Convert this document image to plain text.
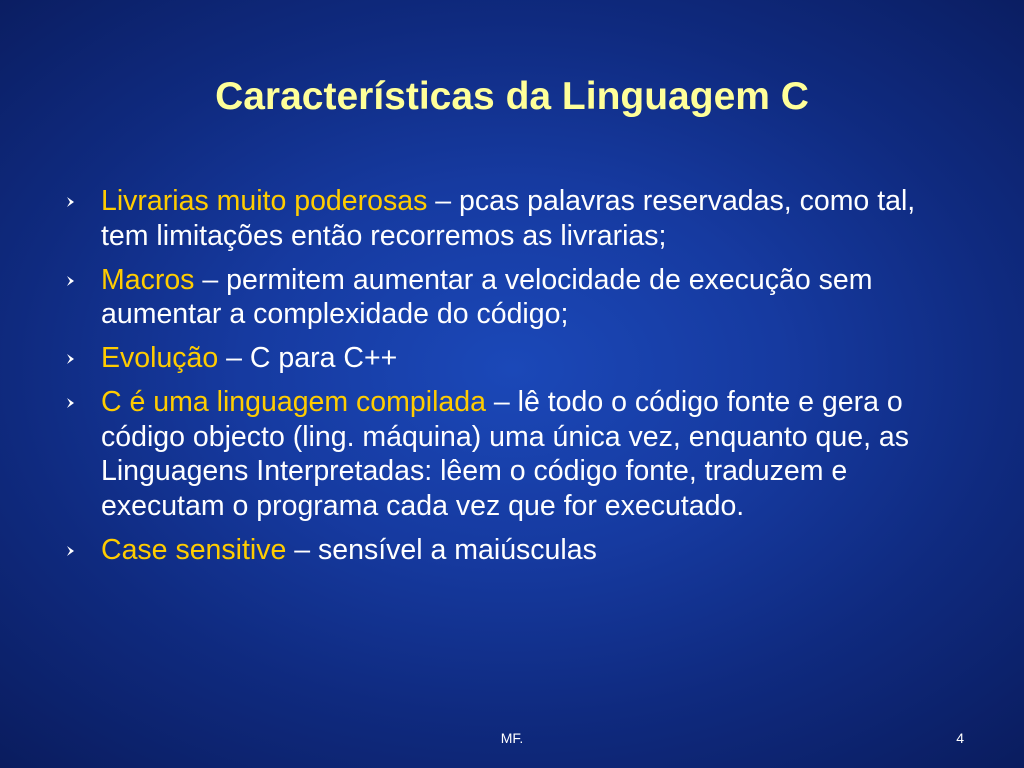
Características da Linguagem C
Livrarias muito poderosas – pcas palavras reservadas, como tal, tem limitações então recorremos as livrarias;
Macros – permitem aumentar a velocidade de execução sem aumentar a complexidade do código;
Evolução – C para C++
C é uma linguagem compilada – lê todo o código fonte e gera o código objecto (ling. máquina) uma única vez, enquanto que, as Linguagens Interpretadas: lêem o código fonte, traduzem e executam o programa cada vez que for executado.
Case sensitive – sensível a maiúsculas
MF.	4
